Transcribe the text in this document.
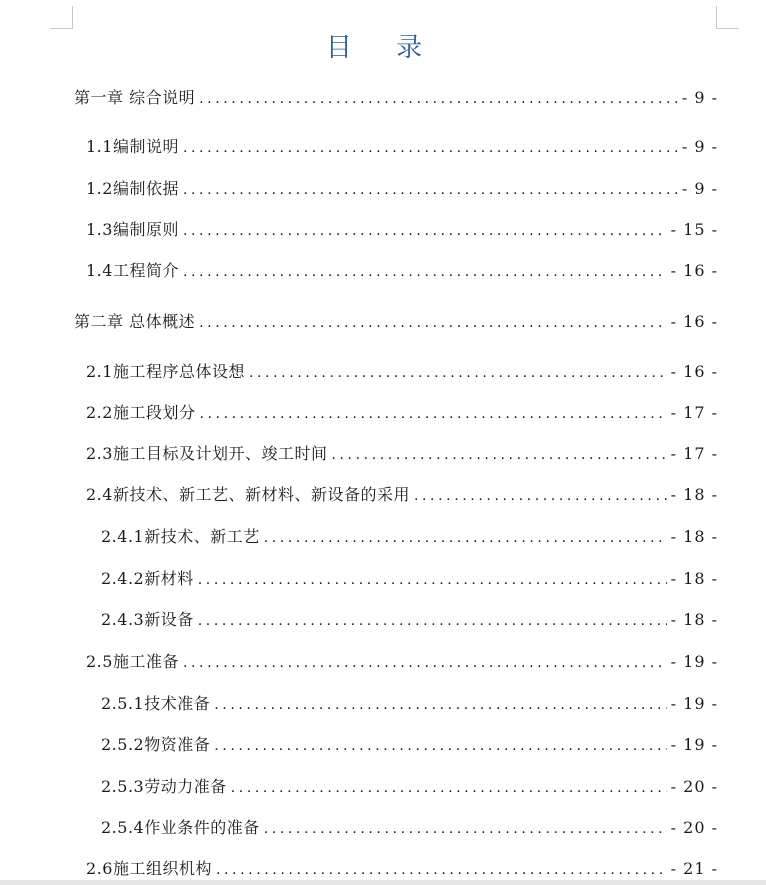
目 录
第一章 综合说明 .....	- 9 -
1.1编制说明 .....	- 9 -
1.2编制依据 .....	- 9 -
1.3编制原则 .....	- 15 -
1.4工程简介 .....	- 16 -
第二章 总体概述 .....	- 16 -
2.1施工程序总体设想 .....	- 16 -
2.2施工段划分 .....	- 17 -
2.3施工目标及计划开、竣工时间 .....	- 17 -
2.4新技术、新工艺、新材料、新设备的采用 .....	- 18 -
2.4.1新技术、新工艺 .....	- 18 -
2.4.2新材料 .....	- 18 -
2.4.3新设备 .....	- 18 -
2.5施工准备 .....	- 19 -
2.5.1技术准备 .....	- 19 -
2.5.2物资准备 .....	- 19 -
2.5.3劳动力准备 .....	- 20 -
2.5.4作业条件的准备 .....	- 20 -
2.6施工组织机构 .....	- 21 -
